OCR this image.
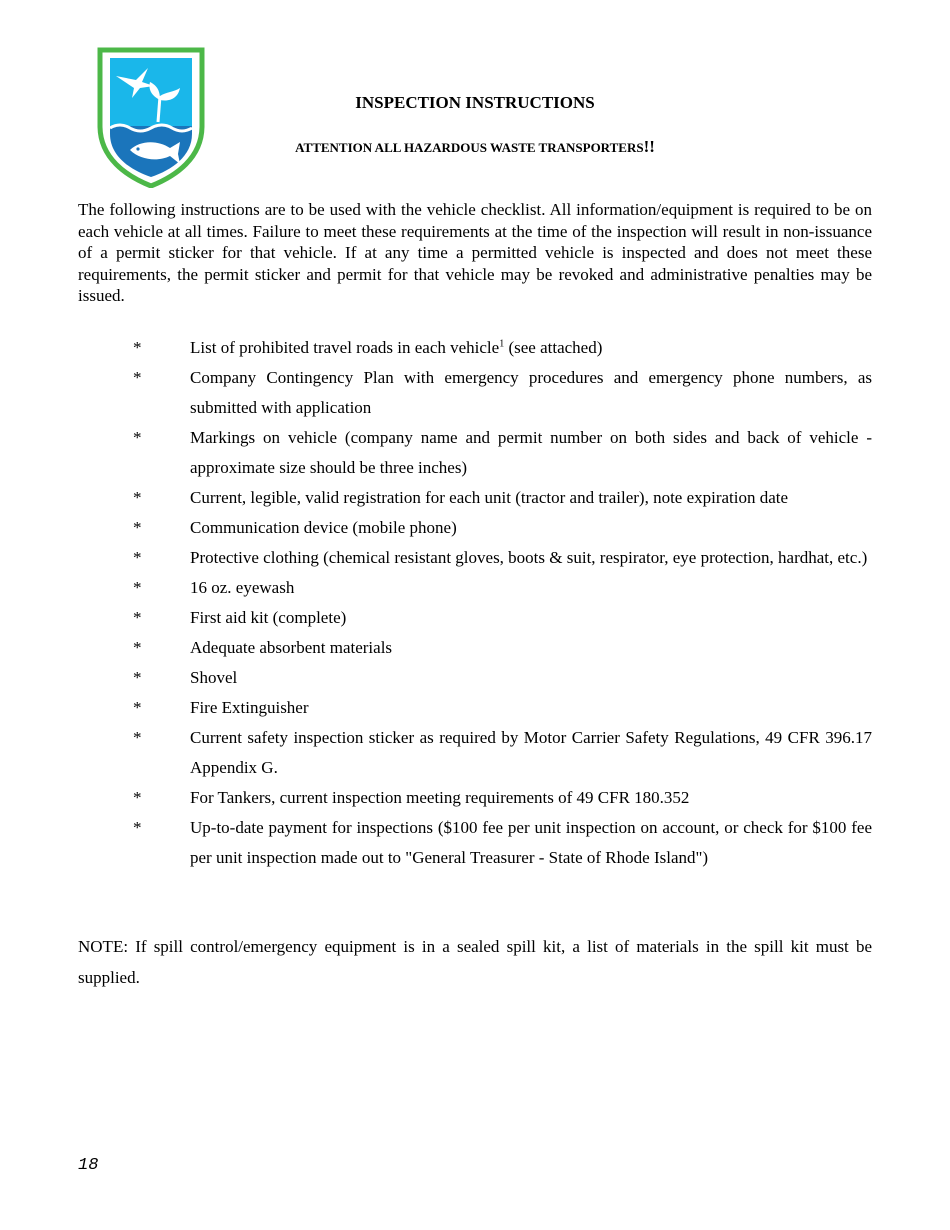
INSPECTION INSTRUCTIONS
ATTENTION ALL HAZARDOUS WASTE TRANSPORTERS!!

The following instructions are to be used with the vehicle checklist. All information/equipment is required to be on each vehicle at all times. Failure to meet these requirements at the time of the inspection will result in non-issuance of a permit sticker for that vehicle. If at any time a permitted vehicle is inspected and does not meet these requirements, the permit sticker and permit for that vehicle may be revoked and administrative penalties may be issued.

*	List of prohibited travel roads in each vehicle$^1$ (see attached)
*	Company Contingency Plan with emergency procedures and emergency phone numbers, as submitted with application
*	Markings on vehicle (company name and permit number on both sides and back of vehicle - approximate size should be three inches)
*	Current, legible, valid registration for each unit (tractor and trailer), note expiration date
*	Communication device (mobile phone)
*	Protective clothing (chemical resistant gloves, boots & suit, respirator, eye protection, hardhat, etc.)
*	16 oz. eyewash
*	First aid kit (complete)
*	Adequate absorbent materials
*	Shovel
*	Fire Extinguisher
*	Current safety inspection sticker as required by Motor Carrier Safety Regulations, 49 CFR 396.17 Appendix G.
*	For Tankers, current inspection meeting requirements of 49 CFR 180.352
*	Up-to-date payment for inspections ($100 fee per unit inspection on account, or check for $100 fee per unit inspection made out to "General Treasurer - State of Rhode Island")

NOTE: If spill control/emergency equipment is in a sealed spill kit, a list of materials in the spill kit must be supplied.

18
